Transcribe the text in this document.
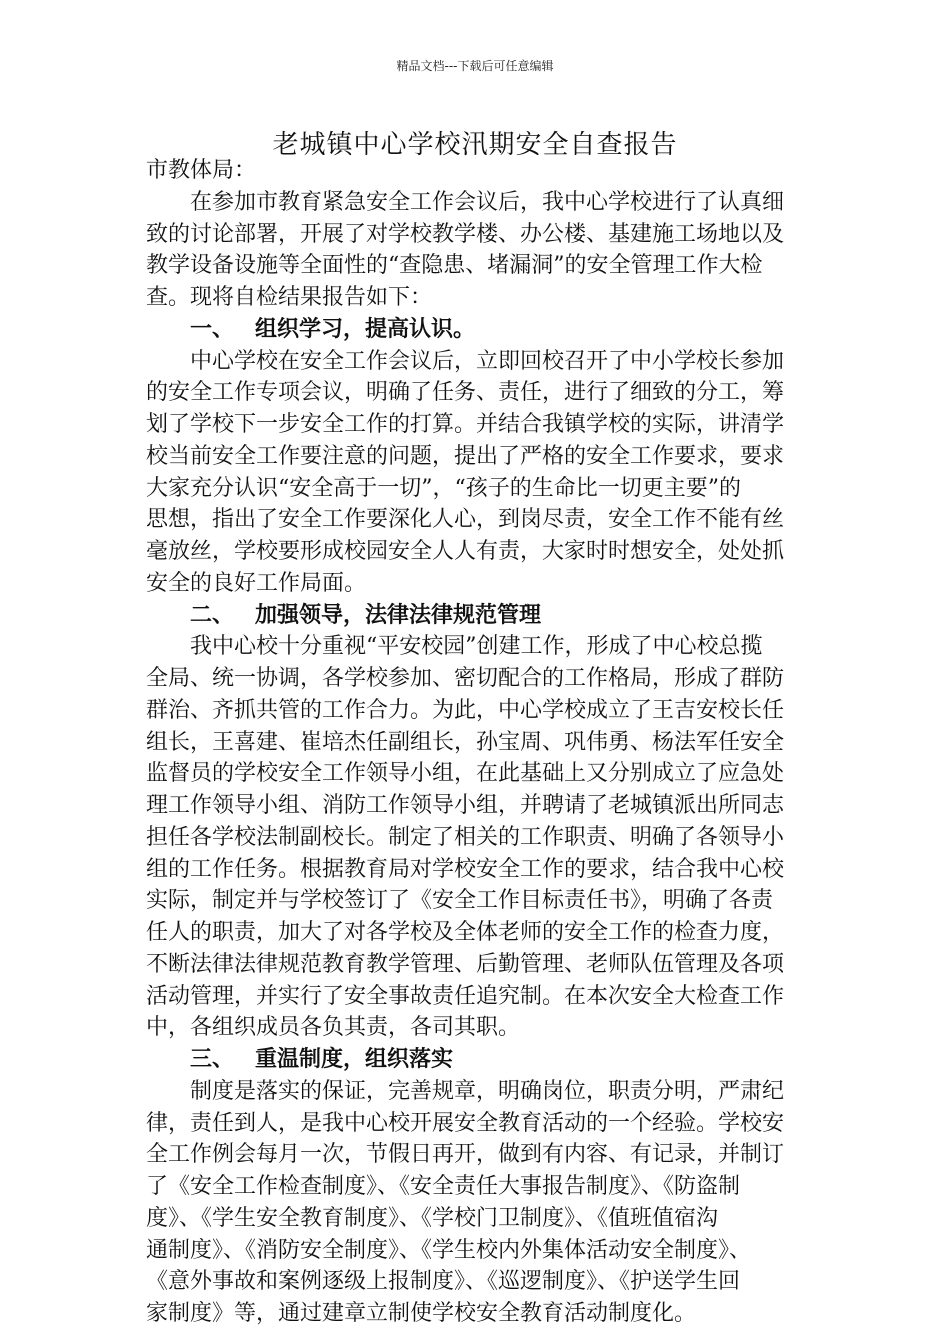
精品文档---下载后可任意编辑
老城镇中心学校汛期安全自查报告
市教体局：
在参加市教育紧急安全工作会议后，我中心学校进行了认真细
致的讨论部署，开展了对学校教学楼、办公楼、基建施工场地以及
教学设备设施等全面性的“查隐患、堵漏洞”的安全管理工作大检
查。现将自检结果报告如下：
一、 组织学习，提高认识。
中心学校在安全工作会议后，立即回校召开了中小学校长参加
的安全工作专项会议，明确了任务、责任，进行了细致的分工，筹
划了学校下一步安全工作的打算。并结合我镇学校的实际，讲清学
校当前安全工作要注意的问题，提出了严格的安全工作要求，要求
大家充分认识“安全高于一切”，“孩子的生命比一切更主要”的
思想，指出了安全工作要深化人心，到岗尽责，安全工作不能有丝
毫放丝，学校要形成校园安全人人有责，大家时时想安全，处处抓
安全的良好工作局面。
二、 加强领导，法律法律规范管理
我中心校十分重视“平安校园”创建工作，形成了中心校总揽
全局、统一协调，各学校参加、密切配合的工作格局，形成了群防
群治、齐抓共管的工作合力。为此，中心学校成立了王吉安校长任
组长，王喜建、崔培杰任副组长，孙宝周、巩伟勇、杨法军任安全
监督员的学校安全工作领导小组，在此基础上又分别成立了应急处
理工作领导小组、消防工作领导小组，并聘请了老城镇派出所同志
担任各学校法制副校长。制定了相关的工作职责、明确了各领导小
组的工作任务。根据教育局对学校安全工作的要求，结合我中心校
实际，制定并与学校签订了《安全工作目标责任书》，明确了各责
任人的职责，加大了对各学校及全体老师的安全工作的检查力度，
不断法律法律规范教育教学管理、后勤管理、老师队伍管理及各项
活动管理，并实行了安全事故责任追究制。在本次安全大检查工作
中，各组织成员各负其责，各司其职。
三、 重温制度，组织落实
制度是落实的保证，完善规章，明确岗位，职责分明，严肃纪
律，责任到人，是我中心校开展安全教育活动的一个经验。学校安
全工作例会每月一次，节假日再开，做到有内容、有记录，并制订
了《安全工作检查制度》、《安全责任大事报告制度》、《防盗制
度》、《学生安全教育制度》、《学校门卫制度》、《值班值宿沟
通制度》、《消防安全制度》、《学生校内外集体活动安全制度》、
《意外事故和案例逐级上报制度》、《巡逻制度》、《护送学生回
家制度》等，通过建章立制使学校安全教育活动制度化。
